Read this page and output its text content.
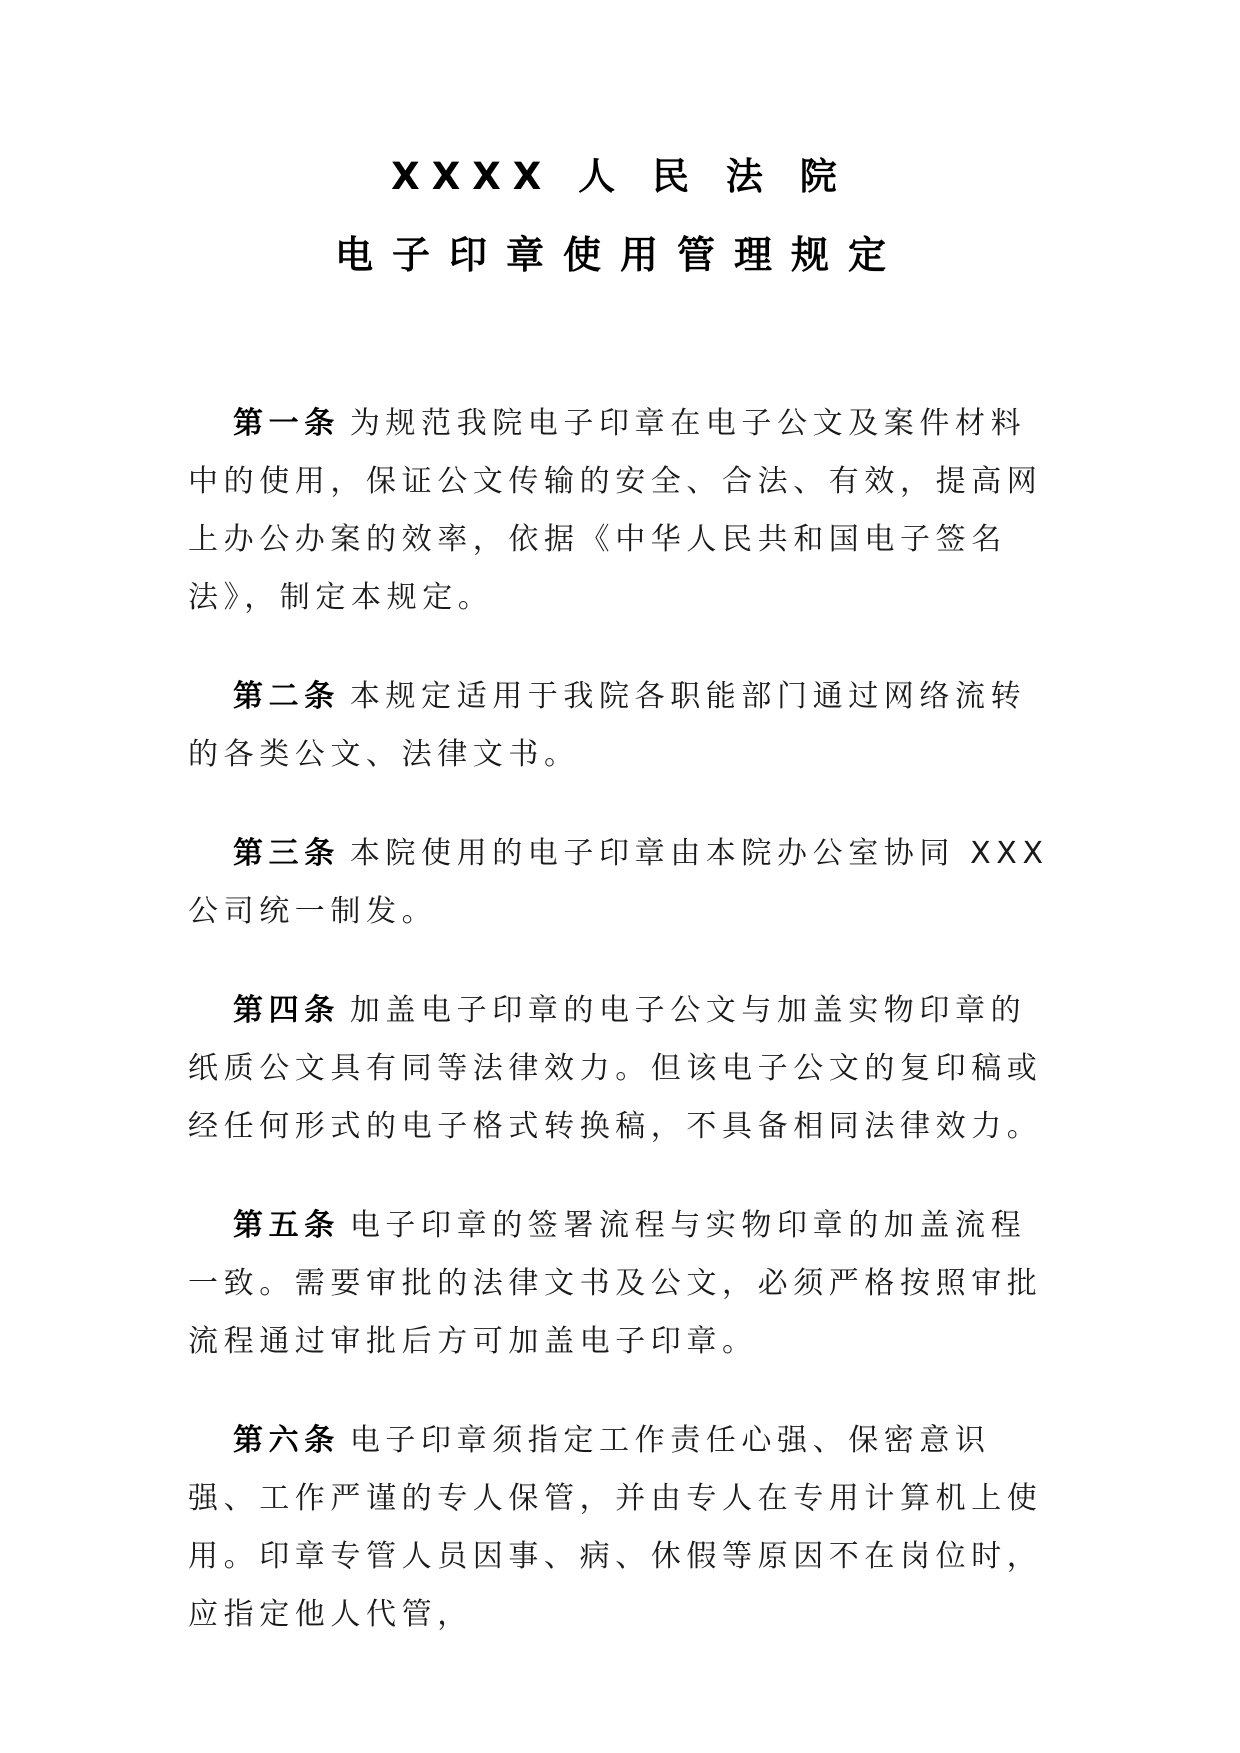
XXXX 人 民 法 院
电子印章使用管理规定

第一条 为规范我院电子印章在电子公文及案件材料中的使用，保证公文传输的安全、合法、有效，提高网上办公办案的效率，依据《中华人民共和国电子签名法》，制定本规定。

第二条 本规定适用于我院各职能部门通过网络流转的各类公文、法律文书。

第三条 本院使用的电子印章由本院办公室协同 XXX 公司统一制发。

第四条 加盖电子印章的电子公文与加盖实物印章的纸质公文具有同等法律效力。但该电子公文的复印稿或经任何形式的电子格式转换稿，不具备相同法律效力。

第五条 电子印章的签署流程与实物印章的加盖流程一致。需要审批的法律文书及公文，必须严格按照审批流程通过审批后方可加盖电子印章。

第六条 电子印章须指定工作责任心强、保密意识强、工作严谨的专人保管，并由专人在专用计算机上使用。印章专管人员因事、病、休假等原因不在岗位时，应指定他人代管，
